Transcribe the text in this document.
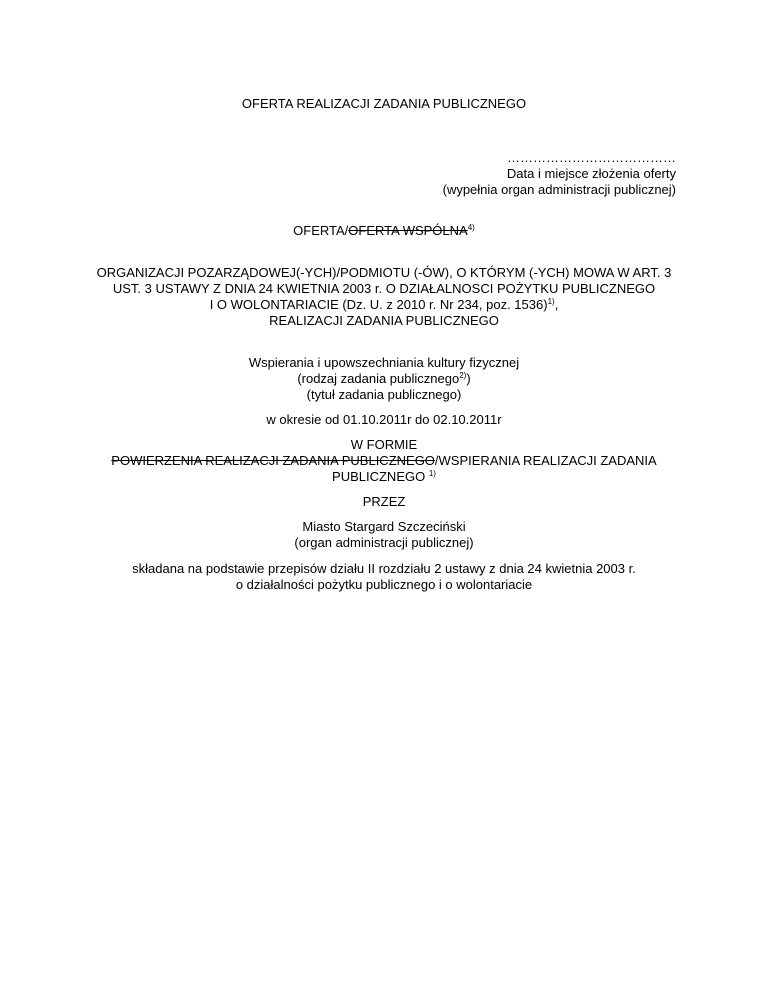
OFERTA REALIZACJI ZADANIA PUBLICZNEGO
…………………………………
Data i miejsce złożenia oferty
(wypełnia organ administracji publicznej)
OFERTA/OFERTA WSPÓLNA$^{4)}$
ORGANIZACJI POZARZĄDOWEJ(-YCH)/PODMIOTU (-ÓW), O KTÓRYM (-YCH) MOWA W ART. 3
UST. 3 USTAWY Z DNIA 24 KWIETNIA 2003 r. O DZIAŁALNOSCI POŻYTKU PUBLICZNEGO
I O WOLONTARIACIE (Dz. U. z 2010 r. Nr 234, poz. 1536)$^{1)}$,
REALIZACJI ZADANIA PUBLICZNEGO
Wspierania i upowszechniania kultury fizycznej
(rodzaj zadania publicznego$^{2)}$)
(tytuł zadania publicznego)
w okresie od 01.10.2011r do 02.10.2011r
W FORMIE
POWIERZENIA REALIZACJI ZADANIA PUBLICZNEGO/WSPIERANIA REALIZACJI ZADANIA
PUBLICZNEGO $^{1)}$
PRZEZ
Miasto Stargard Szczeciński
(organ administracji publicznej)
składana na podstawie przepisów działu II rozdziału 2 ustawy z dnia 24 kwietnia 2003 r.
o działalności pożytku publicznego i o wolontariacie
